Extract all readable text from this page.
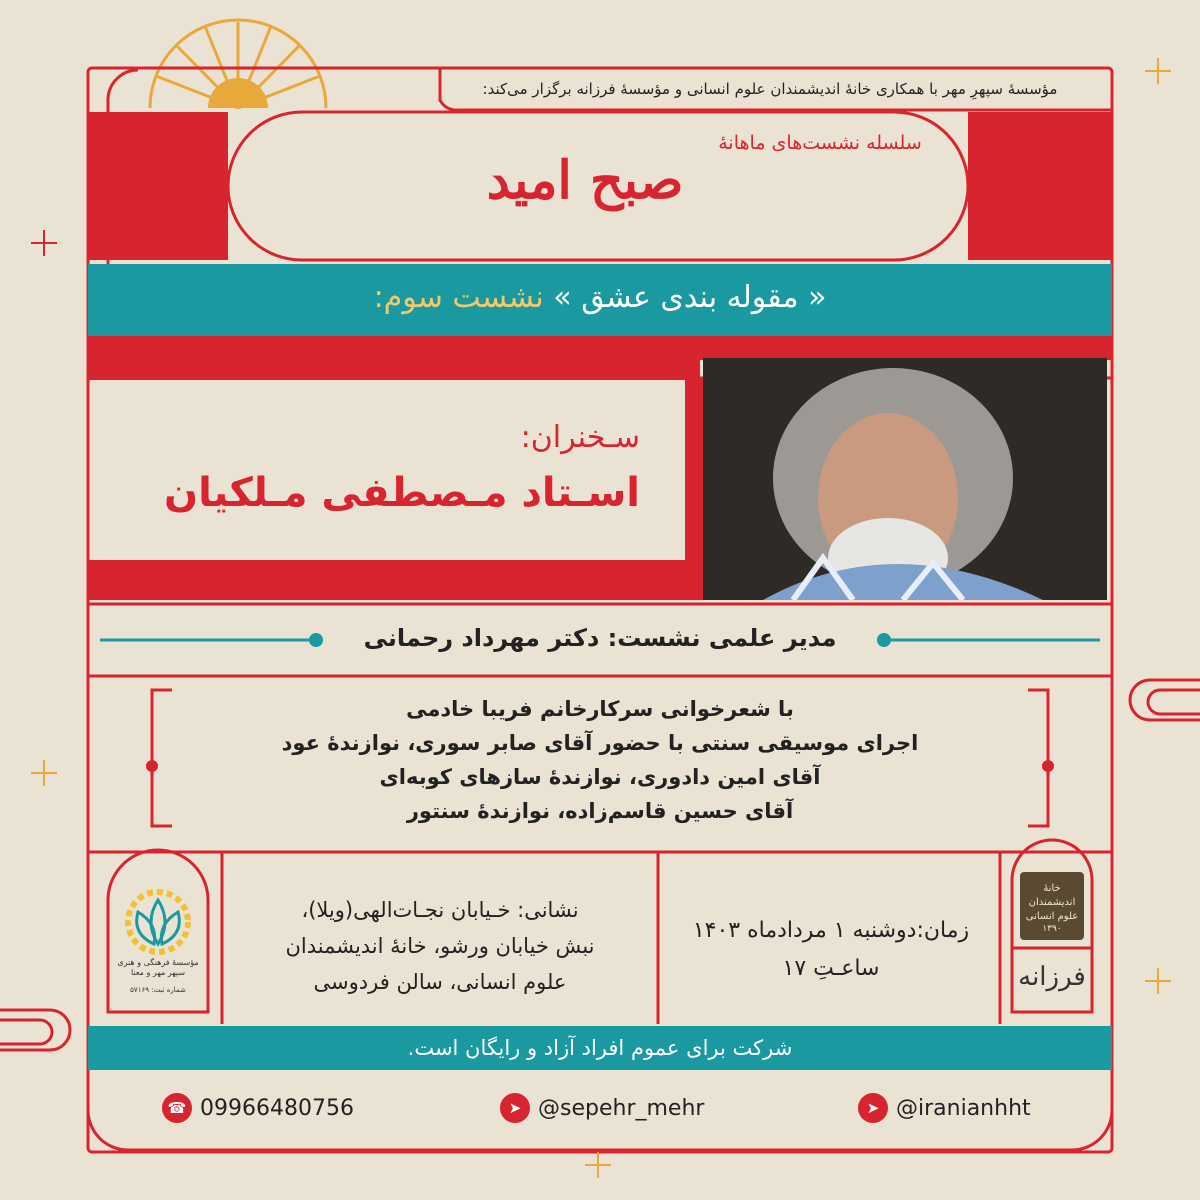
« مقوله بندی عشق » نشست سوم:
مؤسسهٔ سپهرِ مهر با همکاری خانهٔ اندیشمندان علوم انسانی و مؤسسهٔ فرزانه برگزار می‌کند:
سلسله نشست‌های ماهانهٔ
صبح امید
سـخنران:
اسـتاد مـصطفی مـلکیان
مدیر علمی نشست: دکتر مهرداد رحمانی
با شعرخوانی سرکارخانم فریبا خادمی
اجرای موسیقی سنتی با حضور آقای صابر سوری، نوازندهٔ عود
آقای امین دادوری، نوازندهٔ سازهای کوبه‌ای
آقای حسین قاسم‌زاده، نوازندهٔ سنتور
نشانی: خـیابان نجـات‌الهی(ویلا)،
نبش خیابان ورشو، خانهٔ اندیشمندان
علوم انسانی، سالن فردوسی
زمان:دوشنبه ۱ مردادماه ۱۴۰۳
ساعـتِ ۱۷
مؤسسهٔ فرهنگی و هنری سپهر مهر و معنا
شماره ثبت: ۵۷۱۶۹
خانهٔ اندیشمندان علوم انسانی
۱۳۹۰
فرزانه
شرکت برای عموم افراد آزاد و رایگان است.
☎ 09966480756	➤ @sepehr_mehr	➤ @iranianhht
